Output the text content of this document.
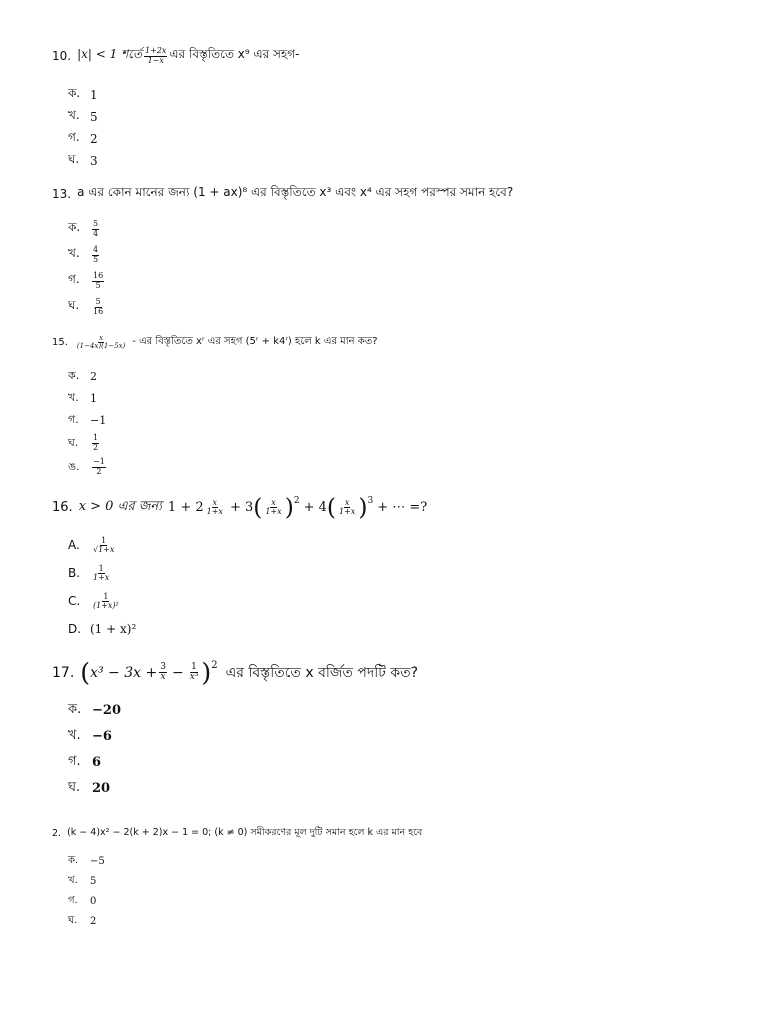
10. |x| < 1 শর্তে $\frac{1+2x}{1-x}$ এর বিস্তৃতিতে x⁹ এর সহগ-
ক. 1
খ. 5
গ. 2
ঘ. 3
13. a এর কোন মানের জন্য (1 + ax)⁸ এর বিস্তৃতিতে x³ এবং x⁴ এর সহগ পরস্পর সমান হবে?
ক.	$\frac{5}{4}$
খ.	$\frac{4}{5}$
গ.	$\frac{16}{5}$
ঘ.	$\frac{5}{16}$
15. $\frac{x}{(1-4x)(1-5x)}$ - এর বিস্তৃতিতে xʳ এর সহগ (5ʳ + k4ʳ) হলে k এর মান কত?
ক. 2
খ.	1
গ.	−1
ঘ.	$\frac{1}{2}$
ঙ.	$\frac{-1}{2}$
16. x > 0 এর জন্য $1 + 2 \frac{x}{1+x} + 3$ ( $\frac{x}{1+x}$ ) 2 + 4 ( $\frac{x}{1+x}$ ) 3 + ⋯ =?
A.	$\frac{1}{√1+x}$
B.	$\frac{1}{1+x}$
C.	$\frac{1}{\text{(1+x)²}}$
D. (1 + x)²
17. ( $x^3 - 3x + \frac{3}{x} - \frac{1}{\text{x³}}$ ) 2 এর বিস্তৃতিতে x বর্জিত পদটি কত?
ক. −20
খ. −6
গ. 6
ঘ. 20
2. (k − 4)x² − 2(k + 2)x − 1 = 0; (k ≠ 0) সমীকরণের মূল দুটি সমান হলে k এর মান হবে
ক.	−5
খ.	5
গ.	0
ঘ.	2
